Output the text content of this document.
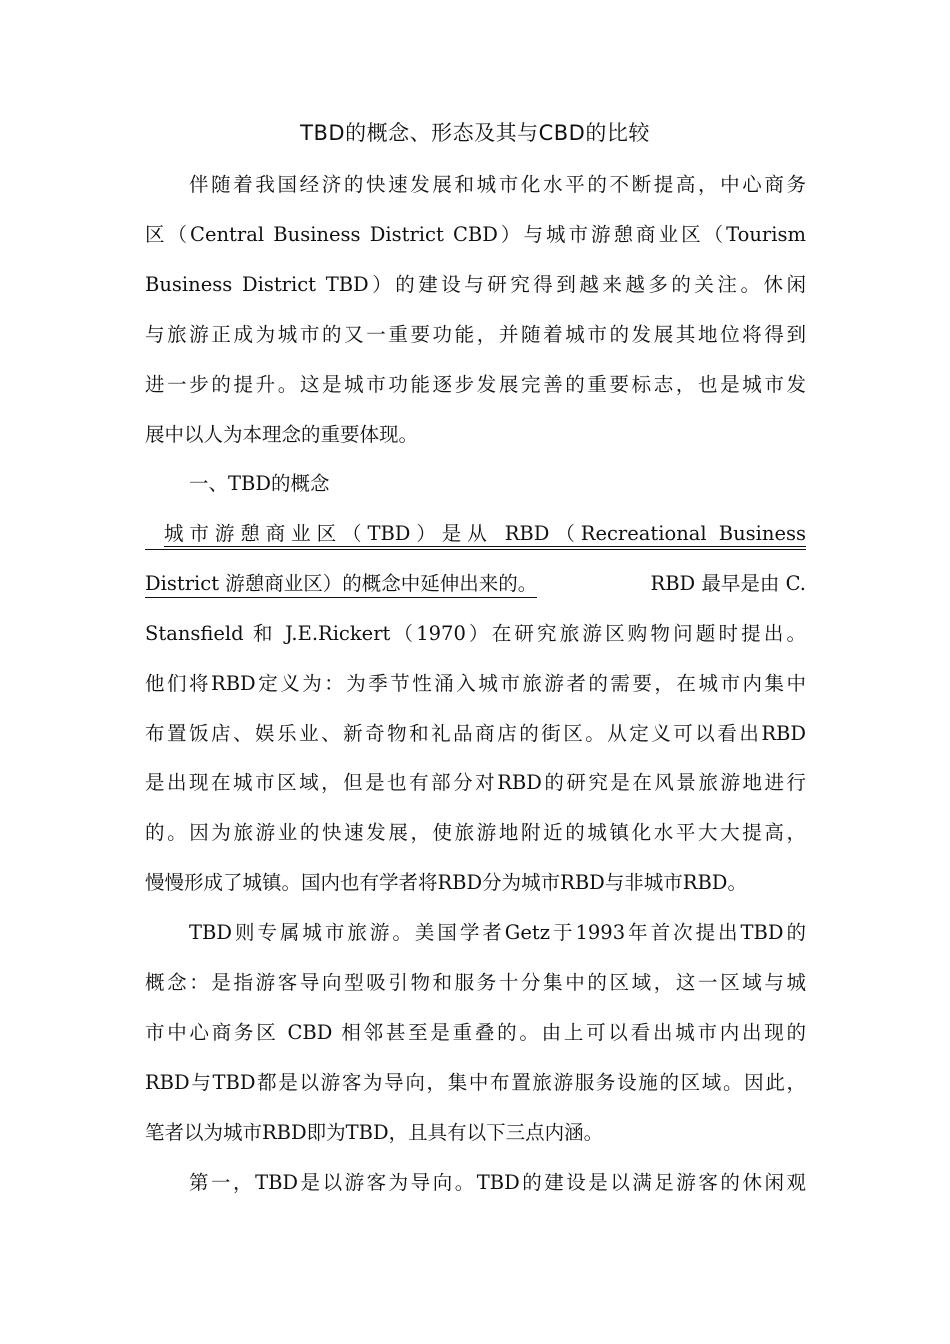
TBD的概念、形态及其与CBD的比较
伴随着我国经济的快速发展和城市化水平的不断提高，中心商务
区（Central Business District CBD）与城市游憩商业区（Tourism
Business District TBD）的建设与研究得到越来越多的关注。休闲
与旅游正成为城市的又一重要功能，并随着城市的发展其地位将得到
进一步的提升。这是城市功能逐步发展完善的重要标志，也是城市发
展中以人为本理念的重要体现。
一、TBD的概念
城市游憩商业区（TBD）是从 RBD（Recreational Business
District 游憩商业区）的概念中延伸出来的。	RBD 最早是由 C.
Stansfield 和 J.E.Rickert（1970）在研究旅游区购物问题时提出。
他们将RBD定义为：为季节性涌入城市旅游者的需要，在城市内集中
布置饭店、娱乐业、新奇物和礼品商店的街区。从定义可以看出RBD
是出现在城市区域，但是也有部分对RBD的研究是在风景旅游地进行
的。因为旅游业的快速发展，使旅游地附近的城镇化水平大大提高，
慢慢形成了城镇。国内也有学者将RBD分为城市RBD与非城市RBD。
TBD则专属城市旅游。美国学者Getz于1993年首次提出TBD的
概念：是指游客导向型吸引物和服务十分集中的区域，这一区域与城
市中心商务区 CBD 相邻甚至是重叠的。由上可以看出城市内出现的
RBD与TBD都是以游客为导向，集中布置旅游服务设施的区域。因此，
笔者以为城市RBD即为TBD，且具有以下三点内涵。
第一，TBD是以游客为导向。TBD的建设是以满足游客的休闲观
